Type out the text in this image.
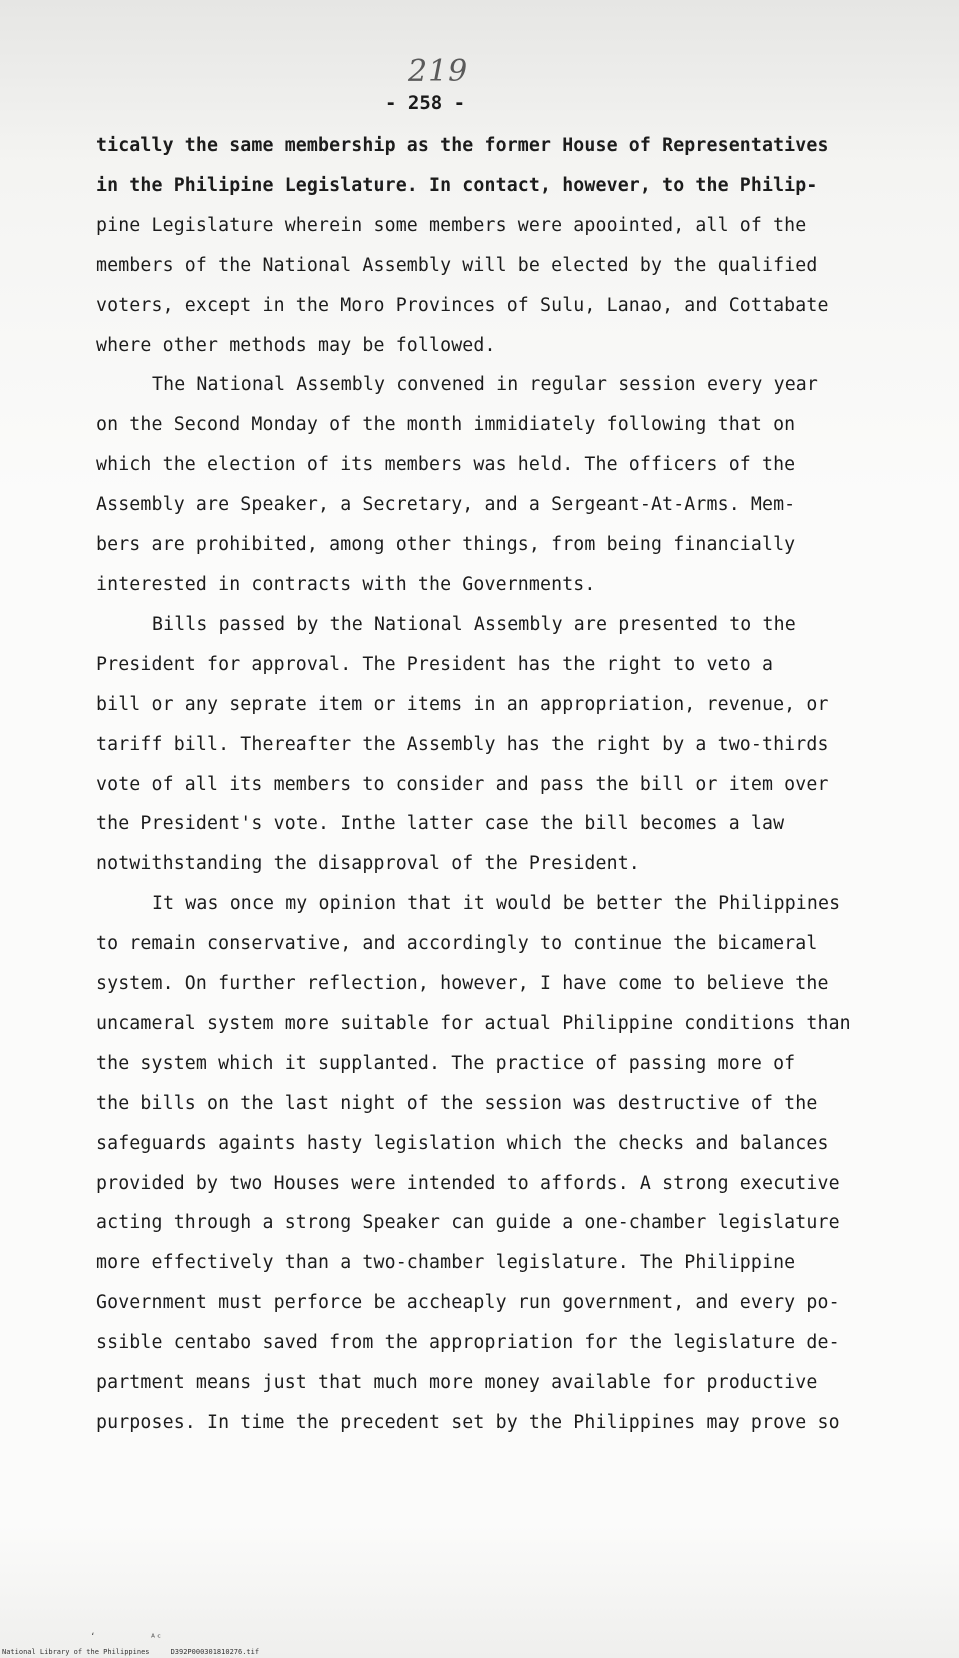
219
- 258 -

tically the same membership as the former House of Representatives
in the Philipine Legislature. In contact, however, to the Philip-
pine Legislature wherein some members were apoointed, all of the
members of the National Assembly will be elected by the qualified
voters, except in the Moro Provinces of Sulu, Lanao, and Cottabate
where other methods may be followed.

The National Assembly convened in regular session every year
on the Second Monday of the month immidiately following that on
which the election of its members was held. The officers of the
Assembly are Speaker, a Secretary, and a Sergeant-At-Arms. Mem-
bers are prohibited, among other things, from being financially
interested in contracts with the Governments.

Bills passed by the National Assembly are presented to the
President for approval. The President has the right to veto a
bill or any seprate item or items in an appropriation, revenue, or
tariff bill. Thereafter the Assembly has the right by a two-thirds
vote of all its members to consider and pass the bill or item over
the President's vote. Inthe latter case the bill becomes a law
notwithstanding the disapproval of the President.

It was once my opinion that it would be better the Philippines
to remain conservative, and accordingly to continue the bicameral
system. On further reflection, however, I have come to believe the
uncameral system more suitable for actual Philippine conditions than
the system which it supplanted. The practice of passing more of
the bills on the last night of the session was destructive of the
safeguards againts hasty legislation which the checks and balances
provided by two Houses were intended to affords. A strong executive
acting through a strong Speaker can guide a one-chamber legislature
more effectively than a two-chamber legislature. The Philippine
Government must perforce be accheaply run government, and every po-
ssible centabo saved from the appropriation for the legislature de-
partment means just that much more money available for productive
purposes. In time the precedent set by the Philippines may prove so

ʻ	ᴬᶜ
National Library of the Philippines     D392P000301810276.tif
